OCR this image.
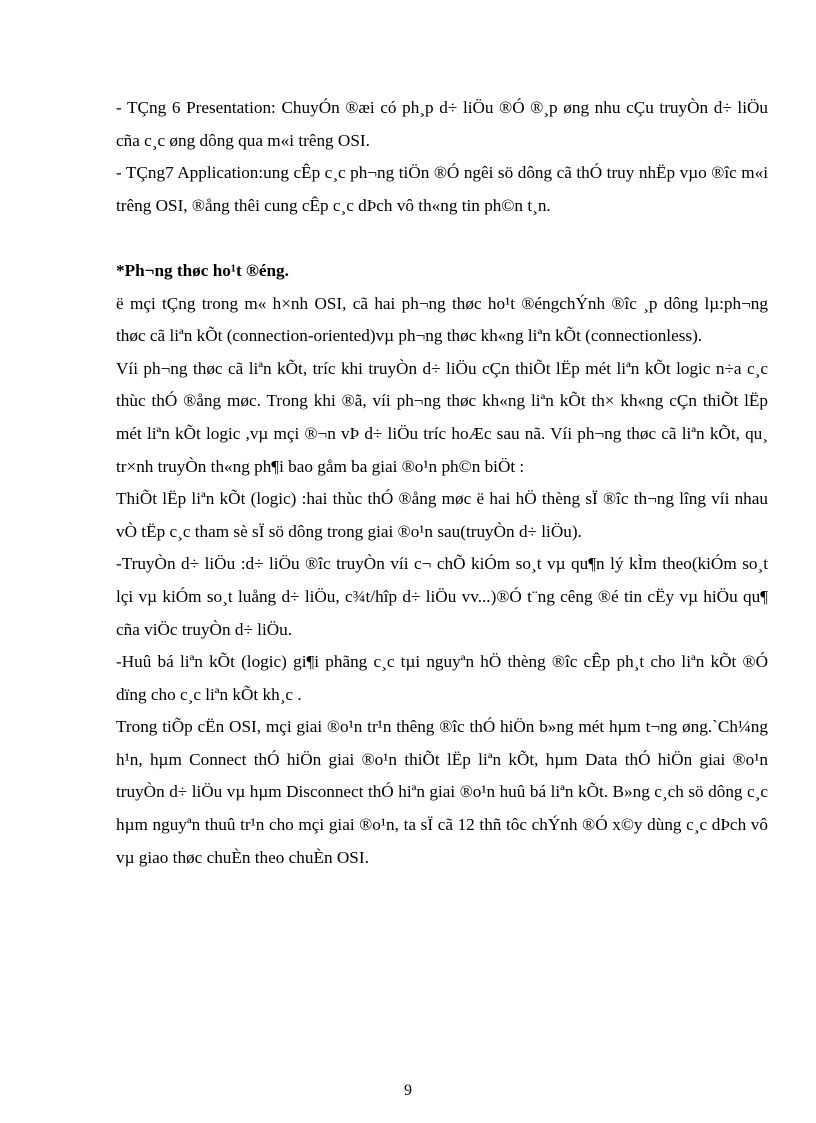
- TÇng 6 Presentation: ChuyÓn ®æi có ph¸p d÷ liÖu ®Ó ®¸p øng nhu cÇu truyÒn d÷ liÖu cña c¸c øng dông qua m«i trêng OSI.

- TÇng7 Application:ung cÊp c¸c ph¬ng tiÖn ®Ó ngêi sö dông cã thÓ truy nhËp vµo ®îc m«i trêng OSI, ®ång thêi cung cÊp c¸c dÞch vô th«ng tin ph©n t¸n.

*Ph¬ng thøc ho¹t ®éng.

ë mçi tÇng trong m« h×nh OSI, cã hai ph¬ng thøc ho¹t ®éngchÝnh ®îc ¸p dông lµ:ph¬ng thøc cã liªn kÕt (connection-oriented)vµ ph¬ng thøc kh«ng liªn kÕt (connectionless).

Víi ph¬ng thøc cã liªn kÕt, tríc khi truyÒn d÷ liÖu cÇn thiÕt lËp mét liªn kÕt logic n÷a c¸c thùc thÓ ®ång møc. Trong khi ®ã, víi ph¬ng thøc kh«ng liªn kÕt th× kh«ng cÇn thiÕt lËp mét liªn kÕt logic ,vµ mçi ®¬n vÞ d÷ liÖu tríc hoÆc sau nã. Víi ph¬ng thøc cã liªn kÕt, qu¸ tr×nh truyÒn th«ng ph¶i bao gåm ba giai ®o¹n ph©n biÖt :

ThiÕt lËp liªn kÕt (logic) :hai thùc thÓ ®ång møc ë hai hÖ thèng sÏ ®îc th¬ng lîng víi nhau vÒ tËp c¸c tham sè sÏ sö dông trong giai ®o¹n sau(truyÒn d÷ liÖu).

-TruyÒn d÷ liÖu :d÷ liÖu ®îc truyÒn víi c¬ chÕ kiÓm so¸t vµ qu¶n lý kÌm theo(kiÓm so¸t lçi vµ kiÓm so¸t luång d÷ liÖu, c¾t/hîp d÷ liÖu vv...)®Ó t¨ng cêng ®é tin cËy vµ hiÖu qu¶ cña viÖc truyÒn d÷ liÖu.

-Huû bá liªn kÕt (logic) gi¶i phãng c¸c tµi nguyªn hÖ thèng ®îc cÊp ph¸t cho liªn kÕt ®Ó dïng cho c¸c liªn kÕt kh¸c .

Trong tiÕp cËn OSI, mçi giai ®o¹n tr¹n thêng ®îc thÓ hiÖn b»ng mét hµm t¬ng øng.`Ch¼ng h¹n, hµm Connect thÓ hiÖn giai ®o¹n thiÕt lËp liªn kÕt, hµm Data thÓ hiÖn giai ®o¹n truyÒn d÷ liÖu vµ hµm Disconnect thÓ hiªn giai ®o¹n huû bá liªn kÕt. B»ng c¸ch sö dông c¸c hµm nguyªn thuû tr¹n cho mçi giai ®o¹n, ta sÏ cã 12 thñ tôc chÝnh ®Ó x©y dùng c¸c dÞch vô vµ giao thøc chuÈn theo chuÈn OSI.

9
